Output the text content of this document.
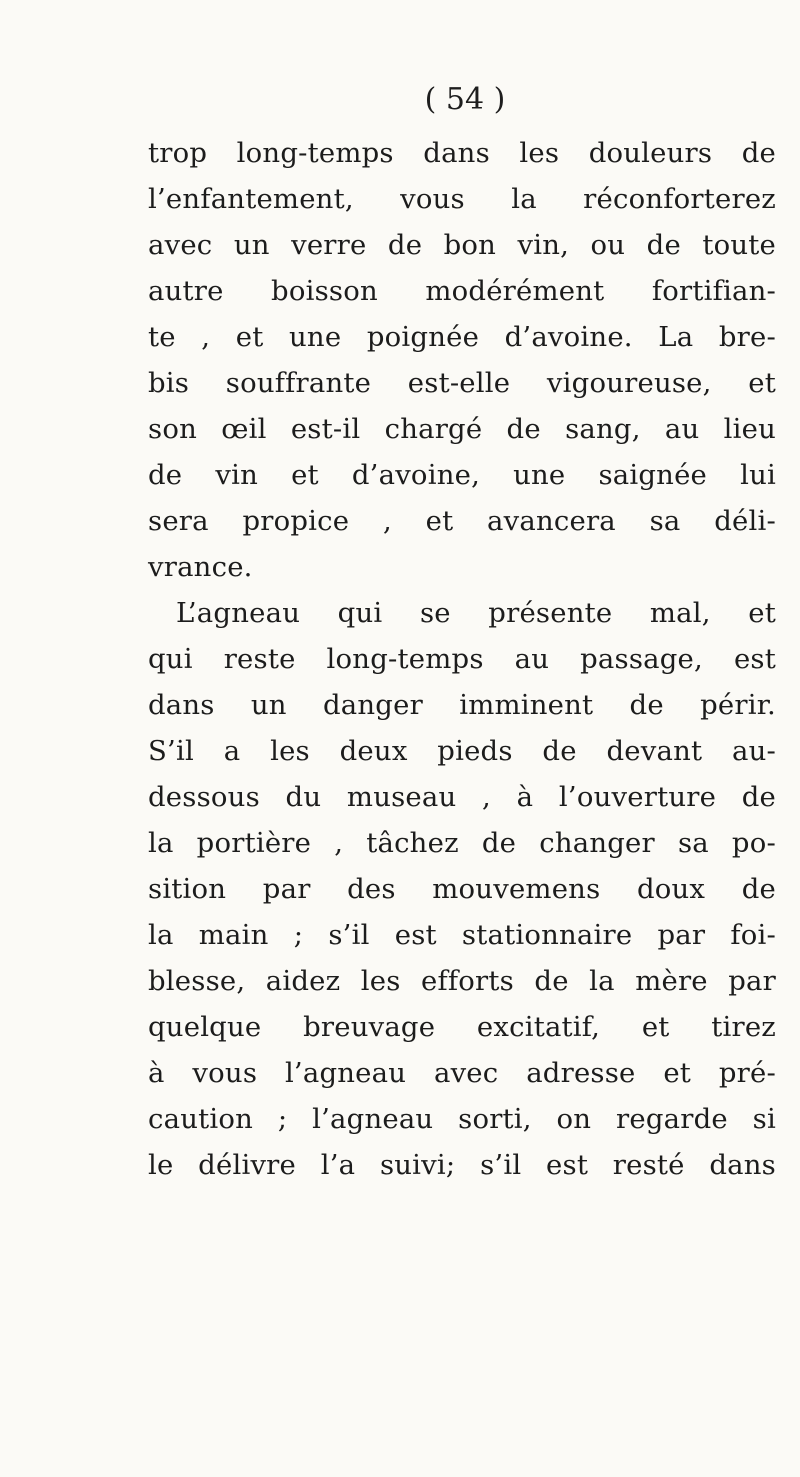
( 54 )
trop long-temps dans les douleurs de
l’enfantement, vous la réconforterez
avec un verre de bon vin, ou de toute
autre boisson modérément fortifian-
te , et une poignée d’avoine. La bre-
bis souffrante est-elle vigoureuse, et
son œil est-il chargé de sang, au lieu
de vin et d’avoine, une saignée lui
sera propice , et avancera sa déli-
vrance.
L’agneau qui se présente mal, et
qui reste long-temps au passage, est
dans un danger imminent de périr.
S’il a les deux pieds de devant au-
dessous du museau , à l’ouverture de
la portière , tâchez de changer sa po-
sition par des mouvemens doux de
la main ; s’il est stationnaire par foi-
blesse, aidez les efforts de la mère par
quelque breuvage excitatif, et tirez
à vous l’agneau avec adresse et pré-
caution ; l’agneau sorti, on regarde si
le délivre l’a suivi; s’il est resté dans
